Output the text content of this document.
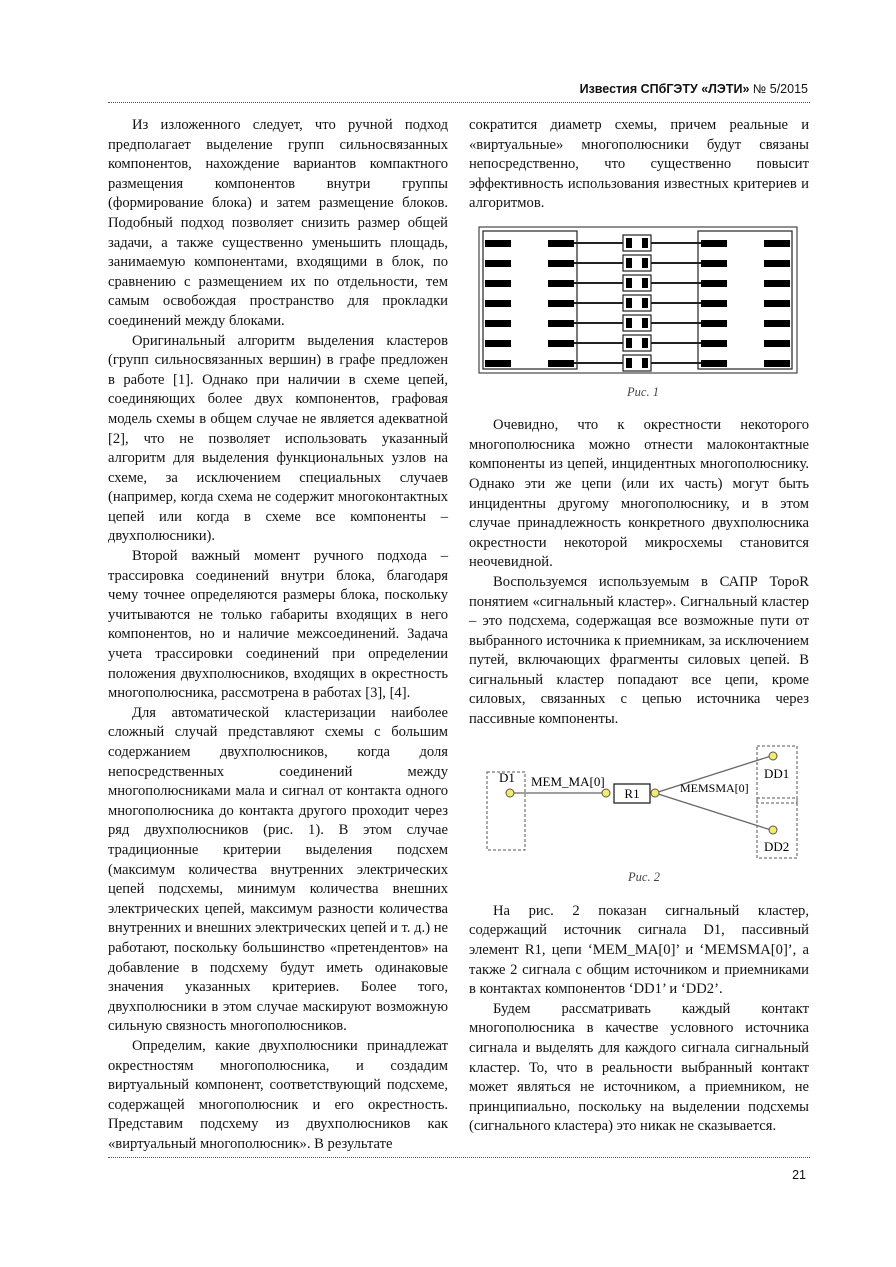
Известия СПбГЭТУ «ЛЭТИ» № 5/2015

Из изложенного следует, что ручной подход предполагает выделение групп сильносвязанных компонентов, нахождение вариантов компактного размещения компонентов внутри группы (формирование блока) и затем размещение блоков. Подобный подход позволяет снизить размер общей задачи, а также существенно уменьшить площадь, занимаемую компонентами, входящими в блок, по сравнению с размещением их по отдельности, тем самым освобождая пространство для прокладки соединений между блоками.

Оригинальный алгоритм выделения кластеров (групп сильносвязанных вершин) в графе предложен в работе [1]. Однако при наличии в схеме цепей, соединяющих более двух компонентов, графовая модель схемы в общем случае не является адекватной [2], что не позволяет использовать указанный алгоритм для выделения функциональных узлов на схеме, за исключением специальных случаев (например, когда схема не содержит многоконтактных цепей или когда в схеме все компоненты – двухполюсники).

Второй важный момент ручного подхода – трассировка соединений внутри блока, благодаря чему точнее определяются размеры блока, поскольку учитываются не только габариты входящих в него компонентов, но и наличие межсоединений. Задача учета трассировки соединений при определении положения двухполюсников, входящих в окрестность многополюсника, рассмотрена в работах [3], [4].

Для автоматической кластеризации наиболее сложный случай представляют схемы с большим содержанием двухполюсников, когда доля непосредственных соединений между многополюсниками мала и сигнал от контакта одного многополюсника до контакта другого проходит через ряд двухполюсников (рис. 1). В этом случае традиционные критерии выделения подсхем (максимум количества внутренних электрических цепей подсхемы, минимум количества внешних электрических цепей, максимум разности количества внутренних и внешних электрических цепей и т. д.) не работают, поскольку большинство «претендентов» на добавление в подсхему будут иметь одинаковые значения указанных критериев. Более того, двухполюсники в этом случае маскируют возможную сильную связность многополюсников.

Определим, какие двухполюсники принадлежат окрестностям многополюсника, и создадим виртуальный компонент, соответствующий подсхеме, содержащей многополюсник и его окрестность. Представим подсхему из двухполюсников как «виртуальный многополюсник». В результате

сократится диаметр схемы, причем реальные и «виртуальные» многополюсники будут связаны непосредственно, что существенно повысит эффективность использования известных критериев и алгоритмов.

Рис. 1

Очевидно, что к окрестности некоторого многополюсника можно отнести малоконтактные компоненты из цепей, инцидентных многополюснику. Однако эти же цепи (или их часть) могут быть инцидентны другому многополюснику, и в этом случае принадлежность конкретного двухполюсника окрестности некоторой микросхемы становится неочевидной.

Воспользуемся используемым в САПР TopoR понятием «сигнальный кластер». Сигнальный кластер – это подсхема, содержащая все возможные пути от выбранного источника к приемникам, за исключением путей, включающих фрагменты силовых цепей. В сигнальный кластер попадают все цепи, кроме силовых, связанных с цепью источника через пассивные компоненты.

D1 MEM_MA[0]
R1	MEMSMA[0]
DD1
DD2
Рис. 2

На рис. 2 показан сигнальный кластер, содержащий источник сигнала D1, пассивный элемент R1, цепи ‘MEM_MA[0]’ и ‘MEMSMA[0]’, а также 2 сигнала с общим источником и приемниками в контактах компонентов ‘DD1’ и ‘DD2’.

Будем рассматривать каждый контакт многополюсника в качестве условного источника сигнала и выделять для каждого сигнала сигнальный кластер. То, что в реальности выбранный контакт может являться не источником, а приемником, не принципиально, поскольку на выделении подсхемы (сигнального кластера) это никак не сказывается.

21
